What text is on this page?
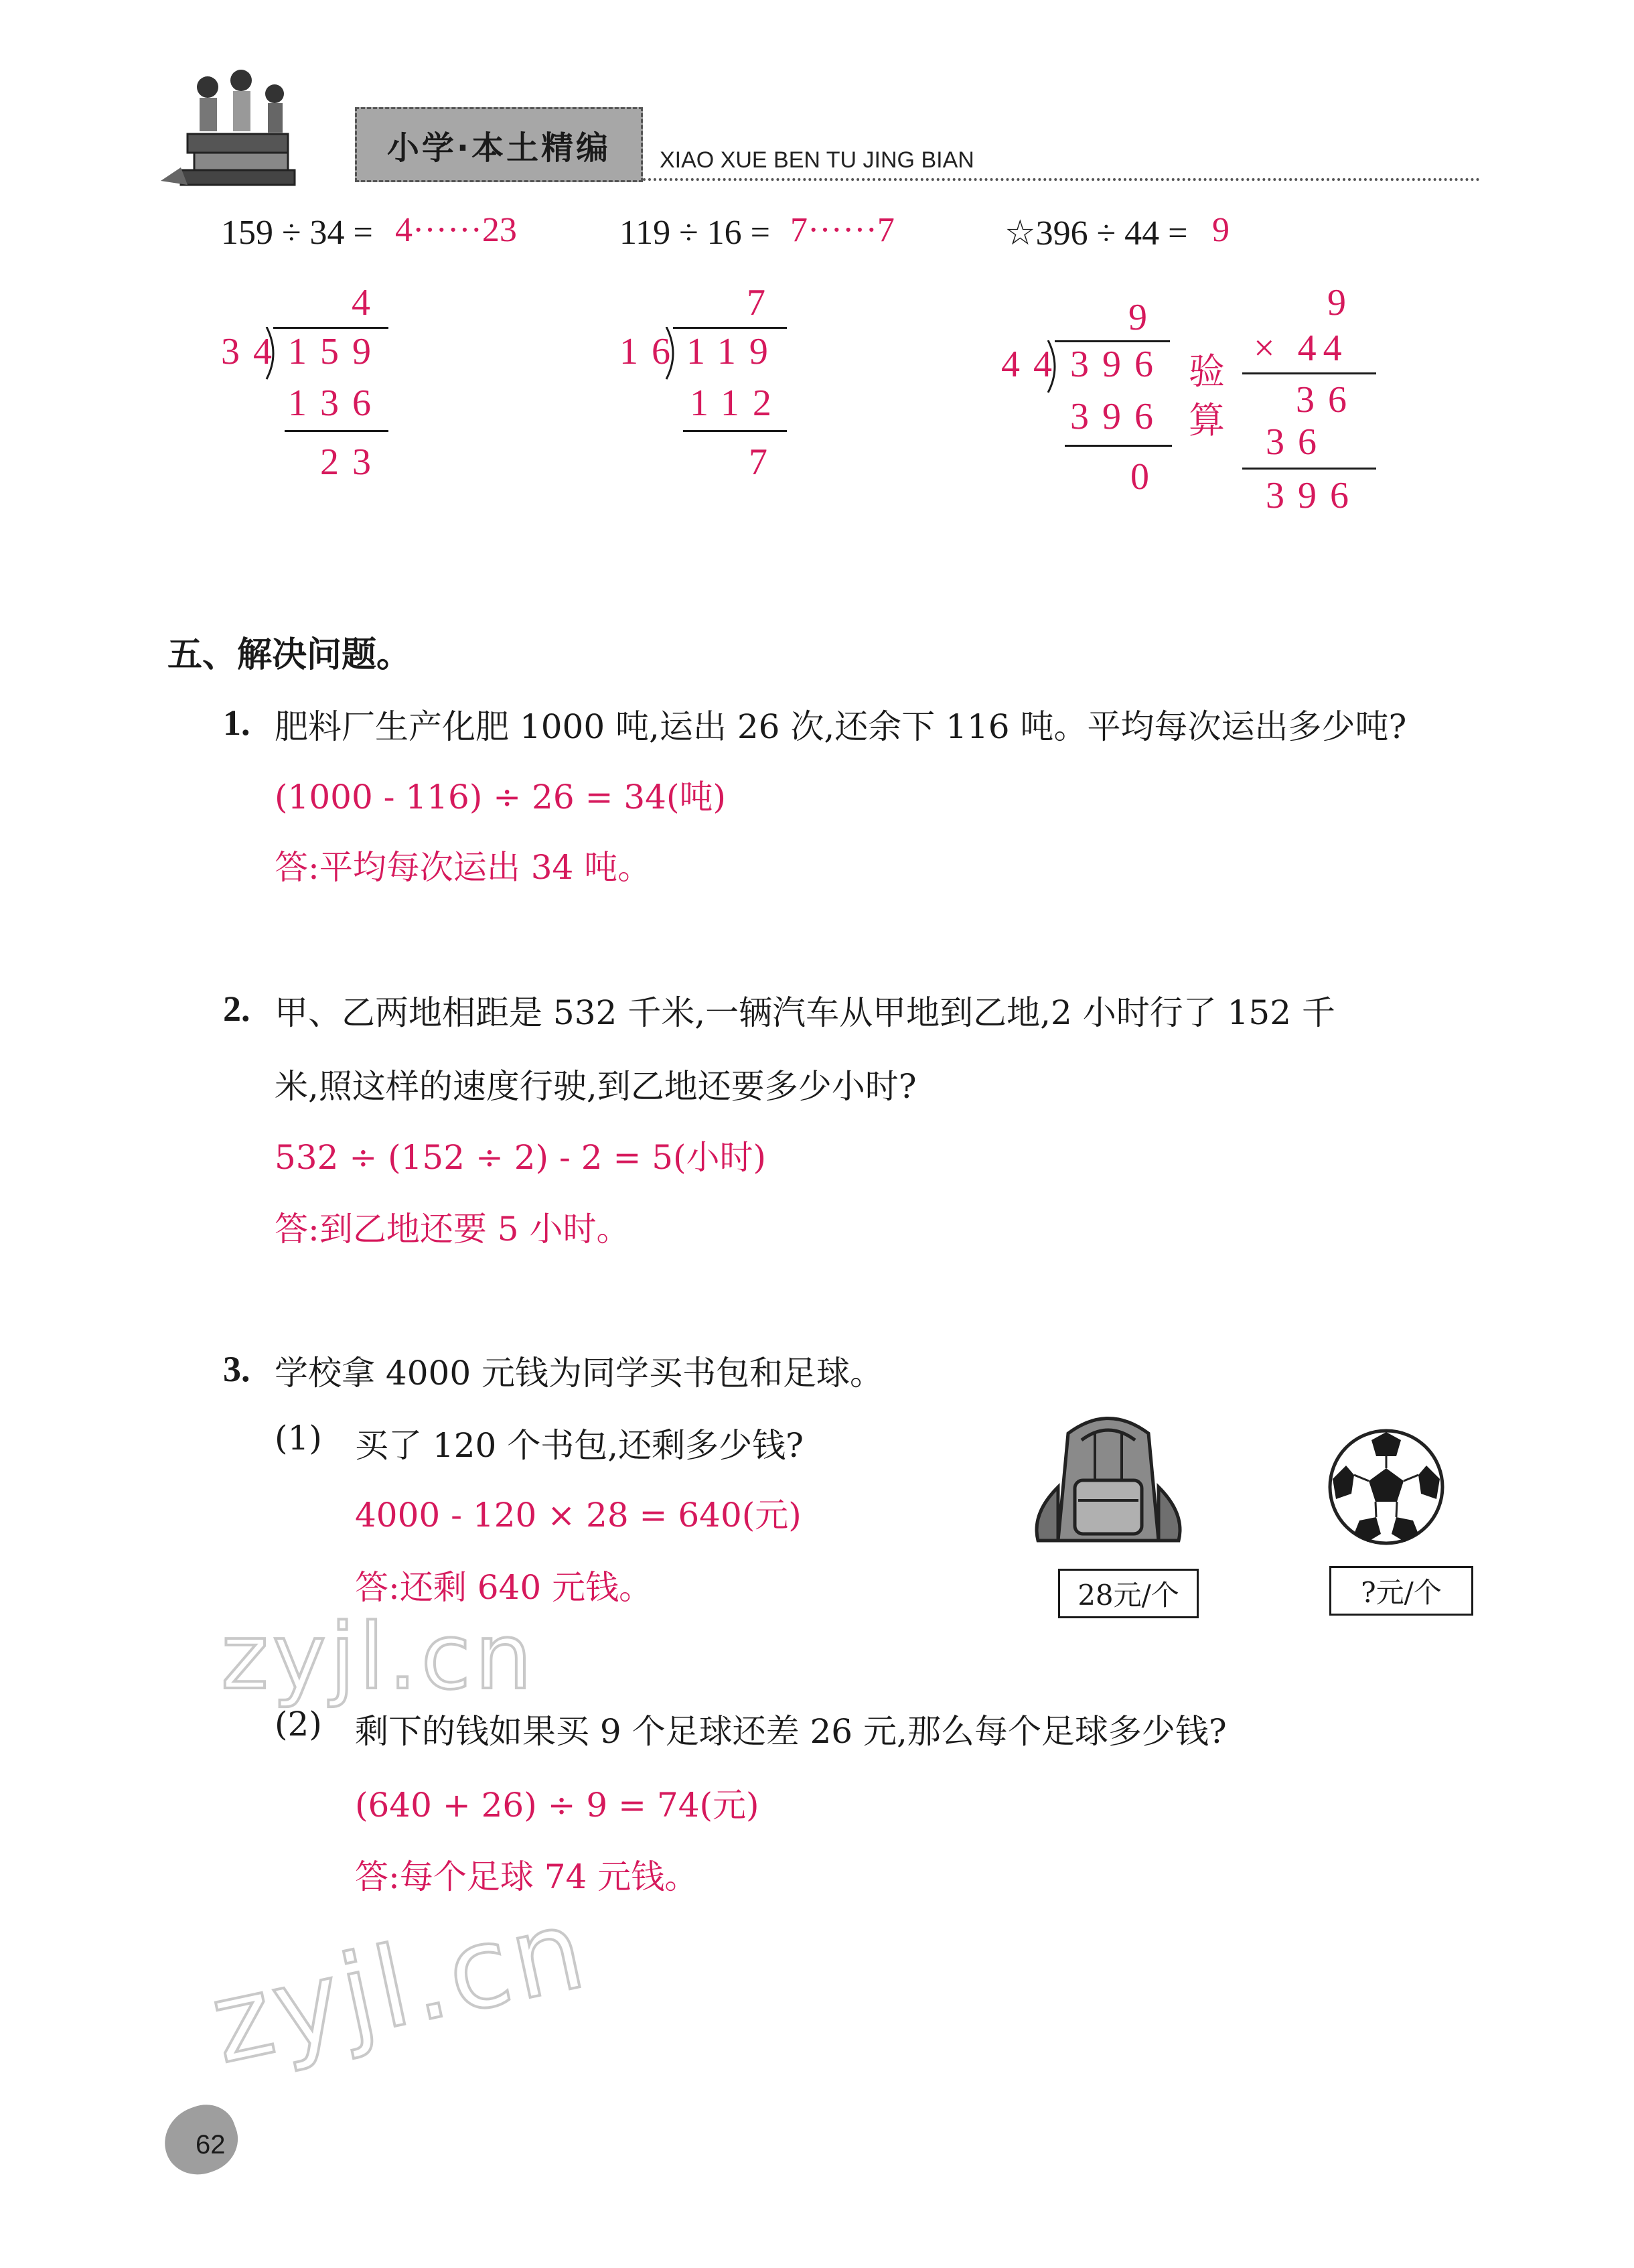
小学·本土精编	XIAO XUE BEN TU JING BIAN
159 ÷ 34 = 4······23
4
34 159
136
23
119 ÷ 16 = 7······7
7
16 119
112
7
☆396 ÷ 44 = 9
9
44 396
396
0
验
算
9
× 44
36
36
396
五、解决问题。
1. 肥料厂生产化肥 1000 吨,运出 26 次,还余下 116 吨。平均每次运出多少吨?
(1000 - 116) ÷ 26 = 34(吨)
答:平均每次运出 34 吨。
2. 甲、乙两地相距是 532 千米,一辆汽车从甲地到乙地,2 小时行了 152 千
米,照这样的速度行驶,到乙地还要多少小时?
532 ÷ (152 ÷ 2) - 2 = 5(小时)
答:到乙地还要 5 小时。
3. 学校拿 4000 元钱为同学买书包和足球。
(1) 买了 120 个书包,还剩多少钱?
4000 - 120 × 28 = 640(元)
答:还剩 640 元钱。	28元/个	?元/个
zyjl.cn
(2) 剩下的钱如果买 9 个足球还差 26 元,那么每个足球多少钱?
(640 + 26) ÷ 9 = 74(元)
答:每个足球 74 元钱。
zyjl.cn
62
